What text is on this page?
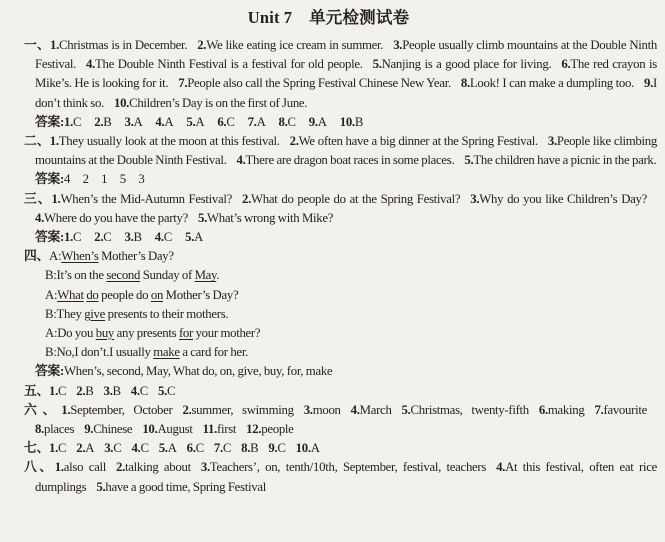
Unit 7  单元检测试卷

一、1.Christmas is in December. 2.We like eating ice cream in summer. 3.People usually climb mountains at the Double Ninth Festival. 4.The Double Ninth Festival is a festival for old people. 5.Nanjing is a good place for living. 6.The red crayon is Mike’s. He is looking for it. 7.People also call the Spring Festival Chinese New Year. 8.Look! I can make a dumpling too. 9.I don’t think so. 10.Children’s Day is on the first of June.

答案:1.C 2.B 3.A 4.A 5.A 6.C 7.A 8.C 9.A 10.B

二、1.They usually look at the moon at this festival. 2.We often have a big dinner at the Spring Festival. 3.People like climbing mountains at the Double Ninth Festival. 4.There are dragon boat races in some places. 5.The children have a picnic in the park.

答案:4 2 1 5 3

三、1.When’s the Mid-Autumn Festival? 2.What do people do at the Spring Festival? 3.Why do you like Children’s Day?4.Where do you have the party? 5.What’s wrong with Mike?

答案:1.C 2.C 3.B 4.C 5.A

四、A:When’s Mother’s Day?

B:It’s on the second Sunday of May.
A:What do people do on Mother’s Day?
B:They give presents to their mothers.
A:Do you buy any presents for your mother?
B:No,I don’t.I usually make a card for her.
答案:When’s, second, May, What do, on, give, buy, for, make

五、1.C 2.B 3.B 4.C 5.C

六、1.September, October 2.summer, swimming 3.moon 4.March 5.Christmas, twenty-fifth 6.making 7.favourite8.places 9.Chinese 10.August 11.first 12.people

七、1.C 2.A 3.C 4.C 5.A 6.C 7.C 8.B 9.C 10.A

八、1.also call 2.talking about 3.Teachers’, on, tenth/10th, September, festival, teachers 4.At this festival, often eat rice dumplings 5.have a good time, Spring Festival
